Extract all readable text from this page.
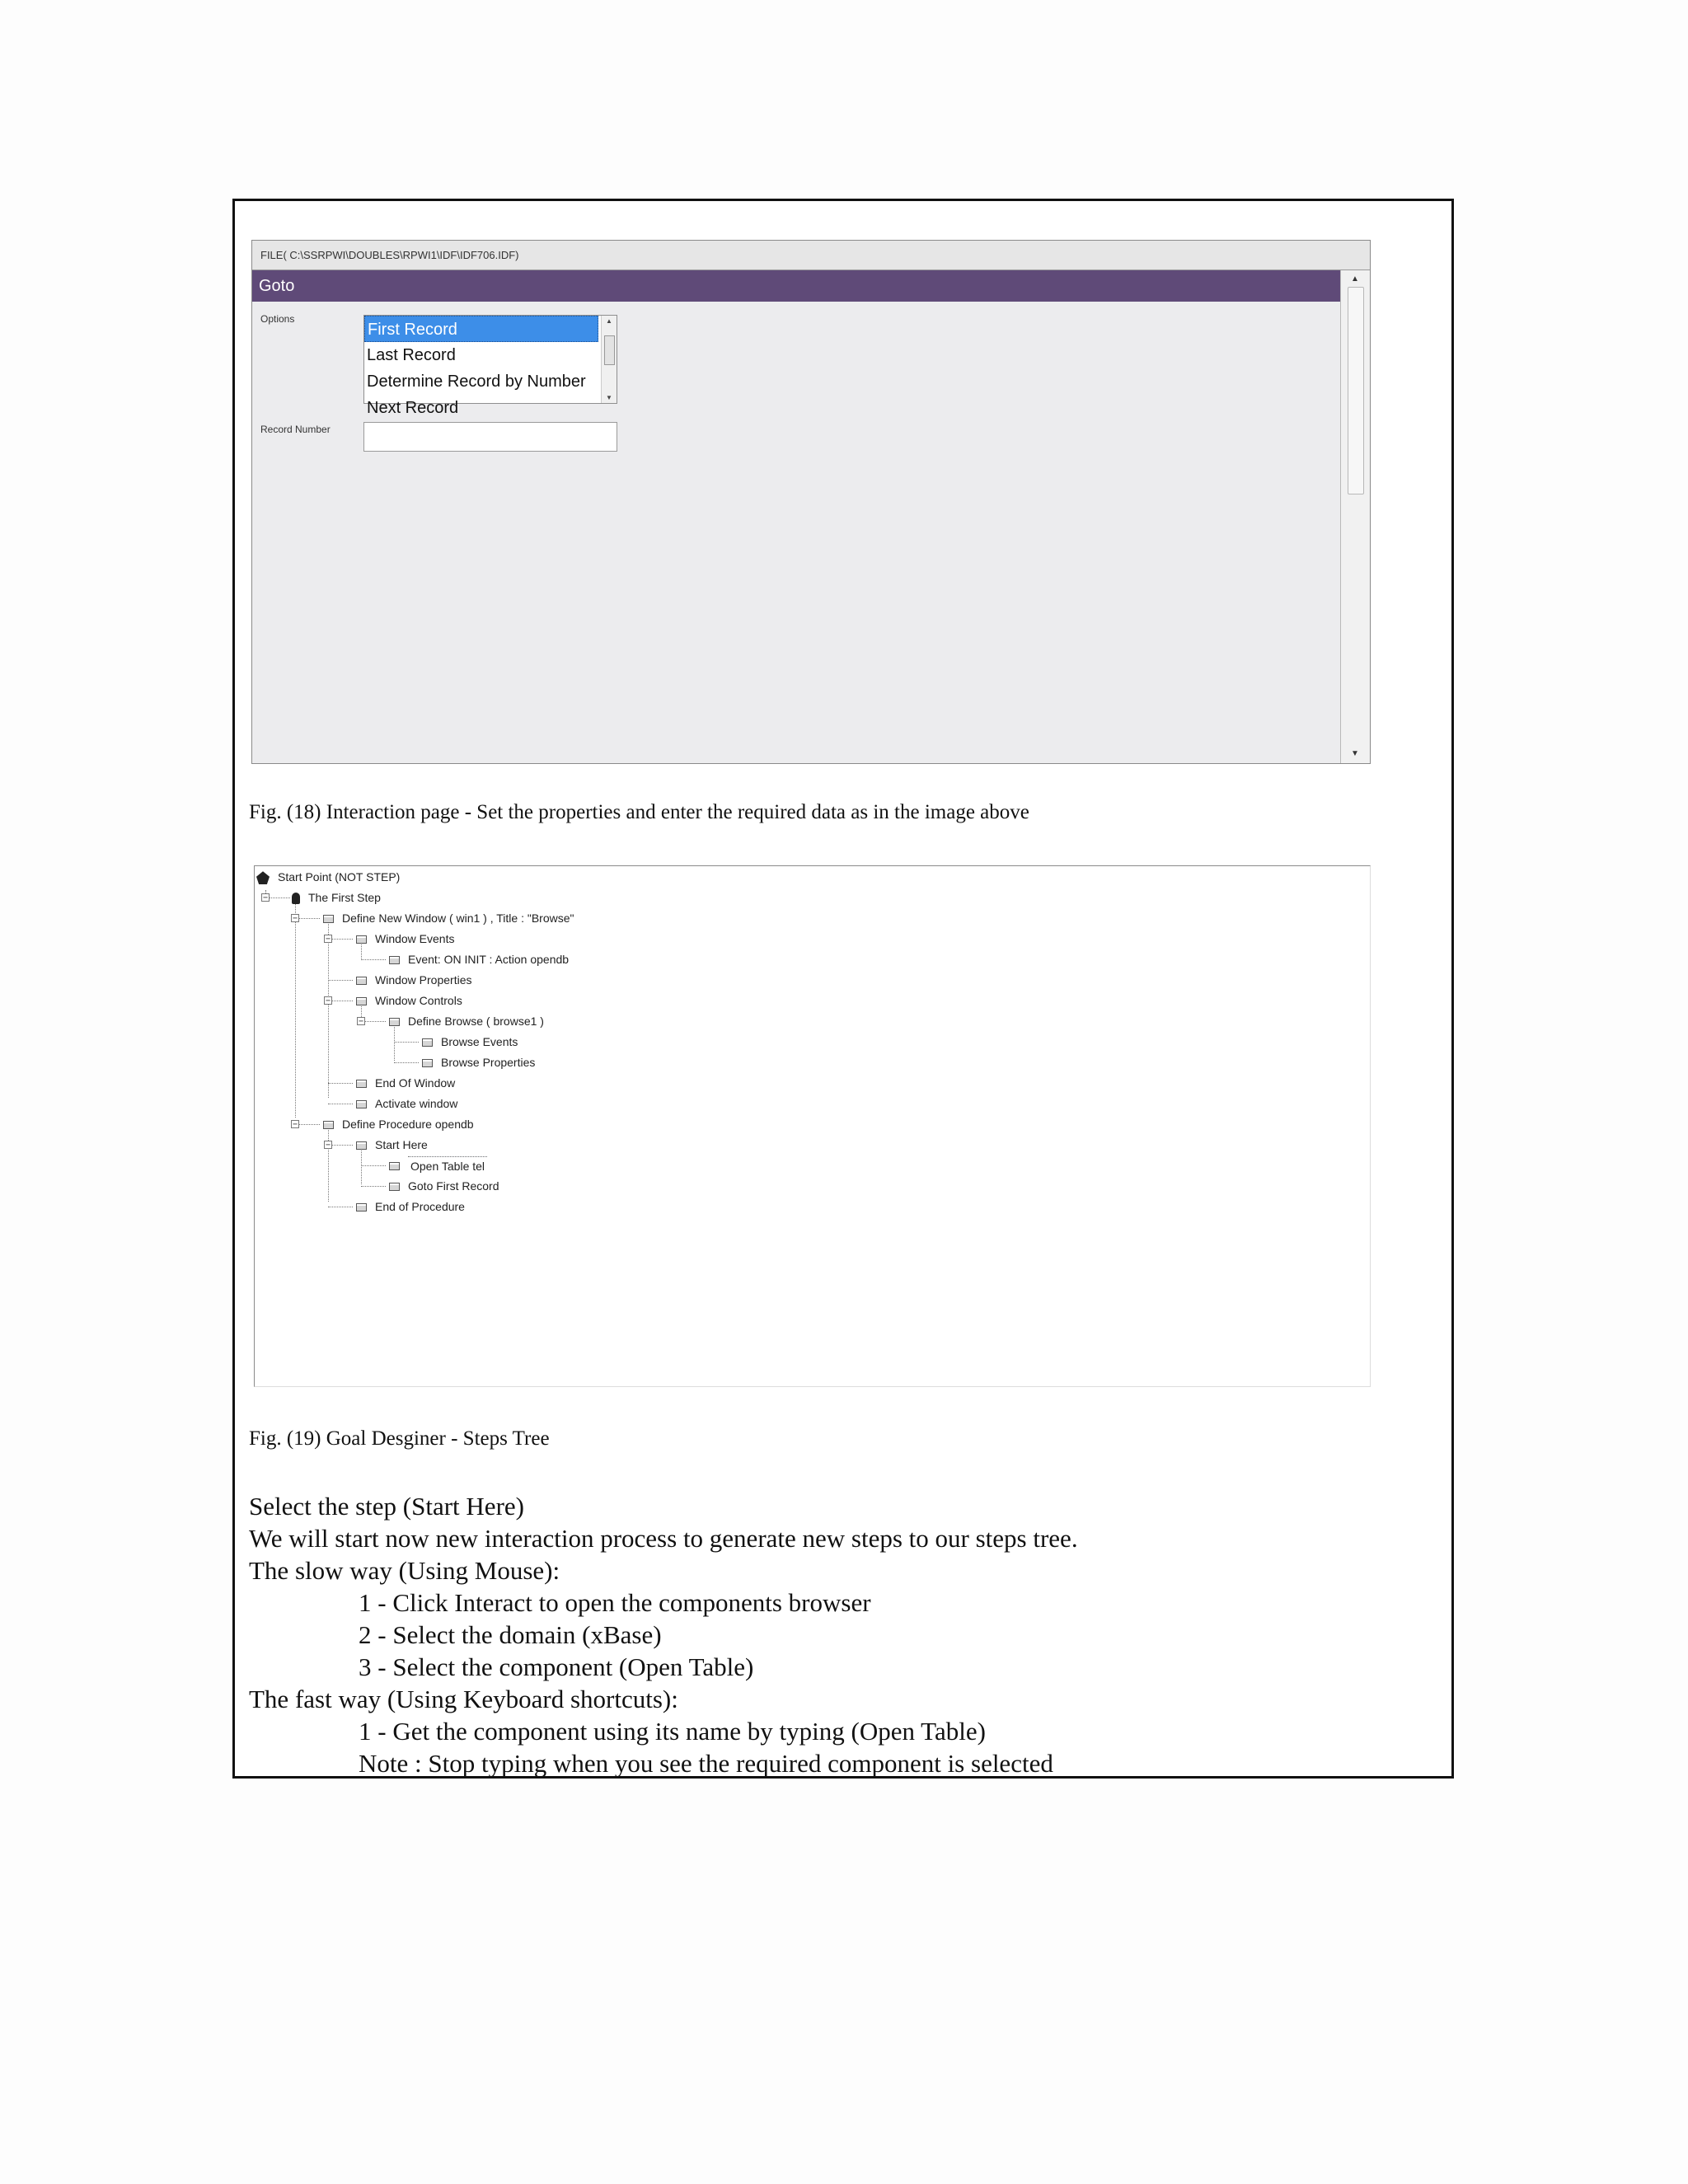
FILE( C:\SSRPWI\DOUBLES\RPWI1\IDF\IDF706.IDF)
Goto	▲
▼
Options
First Record
Last Record
Determine Record by Number
Next Record
▲
▼
Record Number
Fig. (18) Interaction page - Set the properties and enter the required data as in the image above
−
−
−
−
−
−
−
Start Point (NOT STEP)
The First Step
Define New Window ( win1 ) , Title : "Browse"
Window Events
Event: ON INIT : Action opendb
Window Properties
Window Controls
Define Browse ( browse1 )
Browse Events
Browse Properties
End Of Window
Activate window
Define Procedure opendb
Start Here
Open Table tel
Goto First Record
End of Procedure
Fig. (19) Goal Desginer - Steps Tree
Select the step (Start Here)
We will start now new interaction process to generate new steps to our steps tree.
The slow way (Using Mouse):
1 - Click Interact to open the components browser
2 - Select the domain (xBase)
3 - Select the component (Open Table)
The fast way (Using Keyboard shortcuts):
1 - Get the component using its name by typing (Open Table)
Note : Stop typing when you see the required component is selected
